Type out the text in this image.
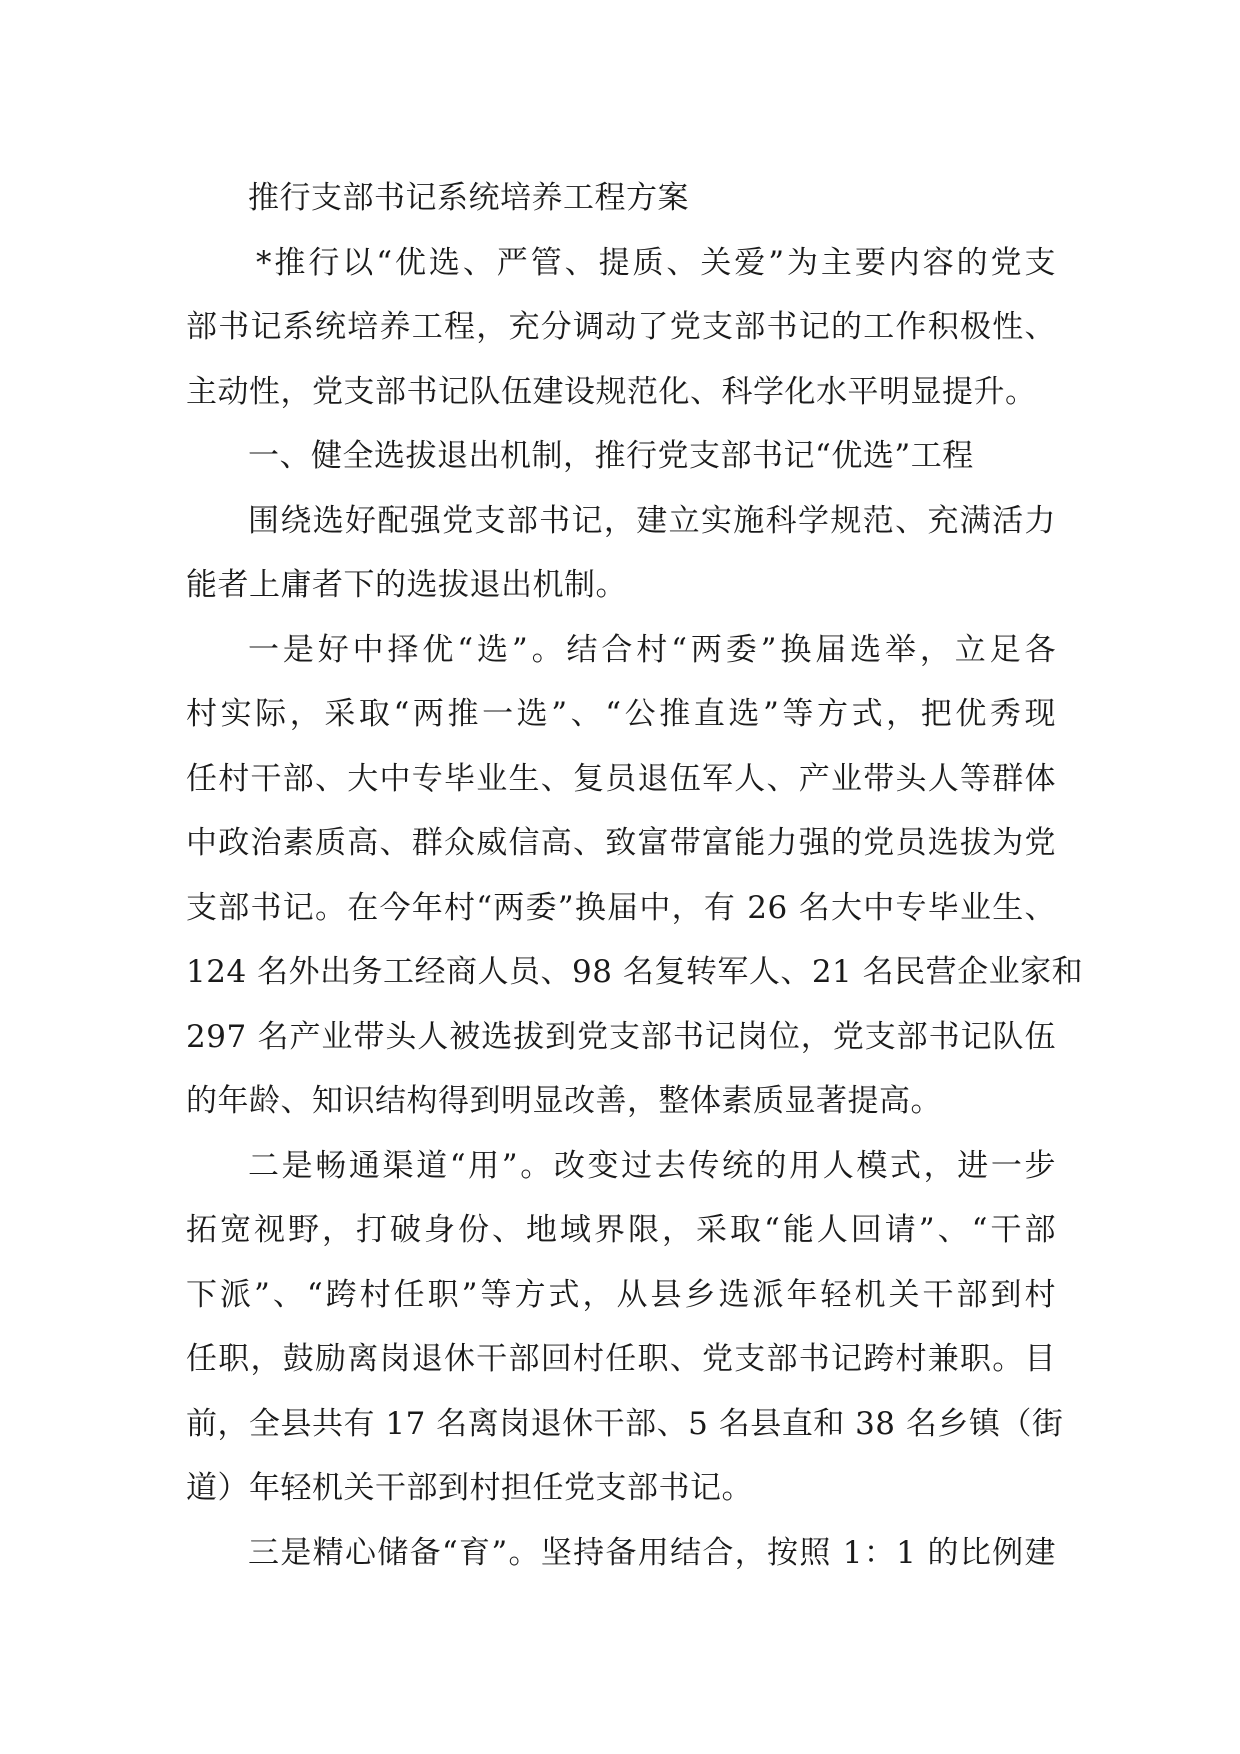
推行支部书记系统培养工程方案
*推行以“优选、严管、提质、关爱”为主要内容的党支
部书记系统培养工程，充分调动了党支部书记的工作积极性、
主动性，党支部书记队伍建设规范化、科学化水平明显提升。
一、健全选拔退出机制，推行党支部书记“优选”工程
围绕选好配强党支部书记，建立实施科学规范、充满活力
能者上庸者下的选拔退出机制。
一是好中择优“选”。结合村“两委”换届选举，立足各
村实际，采取“两推一选”、“公推直选”等方式，把优秀现
任村干部、大中专毕业生、复员退伍军人、产业带头人等群体
中政治素质高、群众威信高、致富带富能力强的党员选拔为党
支部书记。在今年村“两委”换届中，有 26 名大中专毕业生、
124 名外出务工经商人员、98 名复转军人、21 名民营企业家和
297 名产业带头人被选拔到党支部书记岗位，党支部书记队伍
的年龄、知识结构得到明显改善，整体素质显著提高。
二是畅通渠道“用”。改变过去传统的用人模式，进一步
拓宽视野，打破身份、地域界限，采取“能人回请”、“干部
下派”、“跨村任职”等方式，从县乡选派年轻机关干部到村
任职，鼓励离岗退休干部回村任职、党支部书记跨村兼职。目
前，全县共有 17 名离岗退休干部、5 名县直和 38 名乡镇（街
道）年轻机关干部到村担任党支部书记。
三是精心储备“育”。坚持备用结合，按照 1：1 的比例建
